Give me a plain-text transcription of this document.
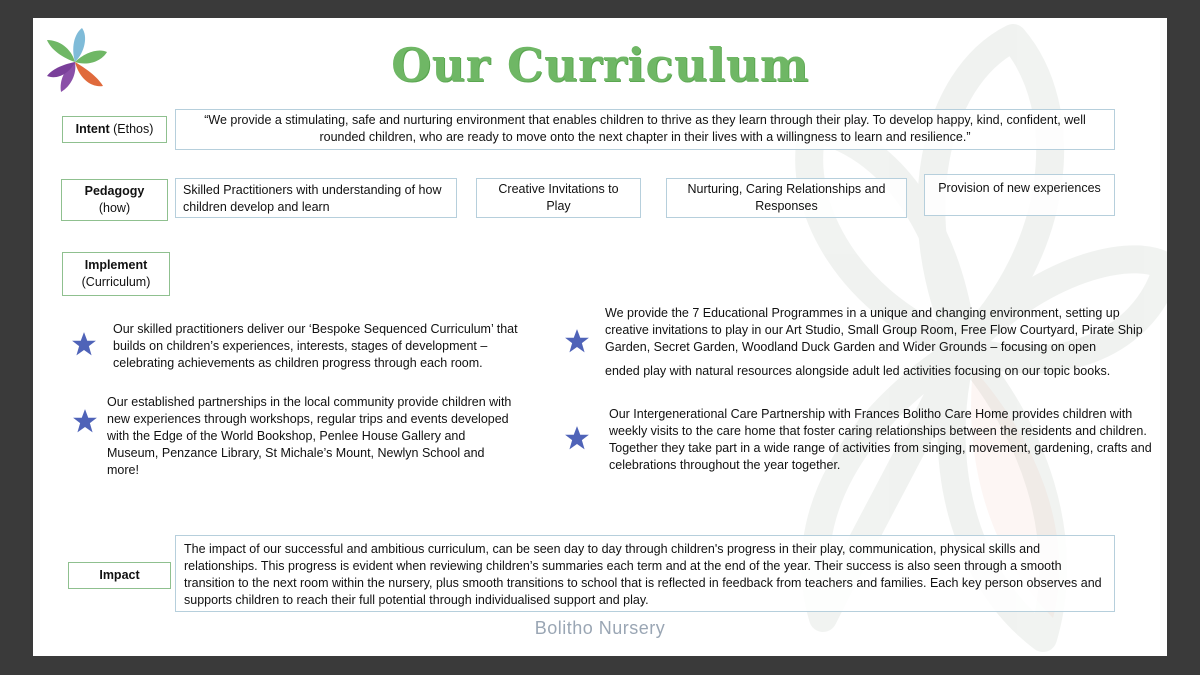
Our Curriculum
Intent (Ethos)
“We provide a stimulating, safe and nurturing environment that enables children to thrive as they learn through their play. To develop happy, kind, confident, well rounded children, who are ready to move onto the next chapter in their lives with a willingness to learn and resilience.”
Pedagogy
(how)
Skilled Practitioners with understanding of how children develop and learn
Creative Invitations to Play
Nurturing, Caring Relationships and Responses
Provision of new experiences
Implement
(Curriculum)
Our skilled practitioners deliver our ‘Bespoke Sequenced Curriculum’ that builds on children’s experiences, interests, stages of development – celebrating achievements as children progress through each room.
Our established partnerships in the local community provide children with new experiences through workshops, regular trips and events developed with the Edge of the World Bookshop, Penlee House Gallery and Museum, Penzance Library, St Michale’s Mount, Newlyn School and more!
We provide the 7 Educational Programmes in a unique and changing environment, setting up creative invitations to play in our Art Studio, Small Group Room, Free Flow Courtyard, Pirate Ship Garden, Secret Garden, Woodland Duck Garden and Wider Grounds – focusing on open
ended play with natural resources alongside adult led activities focusing on our topic books.
Our Intergenerational Care Partnership with Frances Bolitho Care Home provides children with weekly visits to the care home that foster caring relationships between the residents and children. Together they take part in a wide range of activities from singing, movement, gardening, crafts and celebrations throughout the year together.
Impact
The impact of our successful and ambitious curriculum, can be seen day to day through children's progress in their play, communication, physical skills and relationships. This progress is evident when reviewing children’s summaries each term and at the end of the year. Their success is also seen through a smooth transition to the next room within the nursery, plus smooth transitions to school that is reflected in feedback from teachers and families. Each key person observes and supports children to reach their full potential through individualised support and play.
Bolitho Nursery
